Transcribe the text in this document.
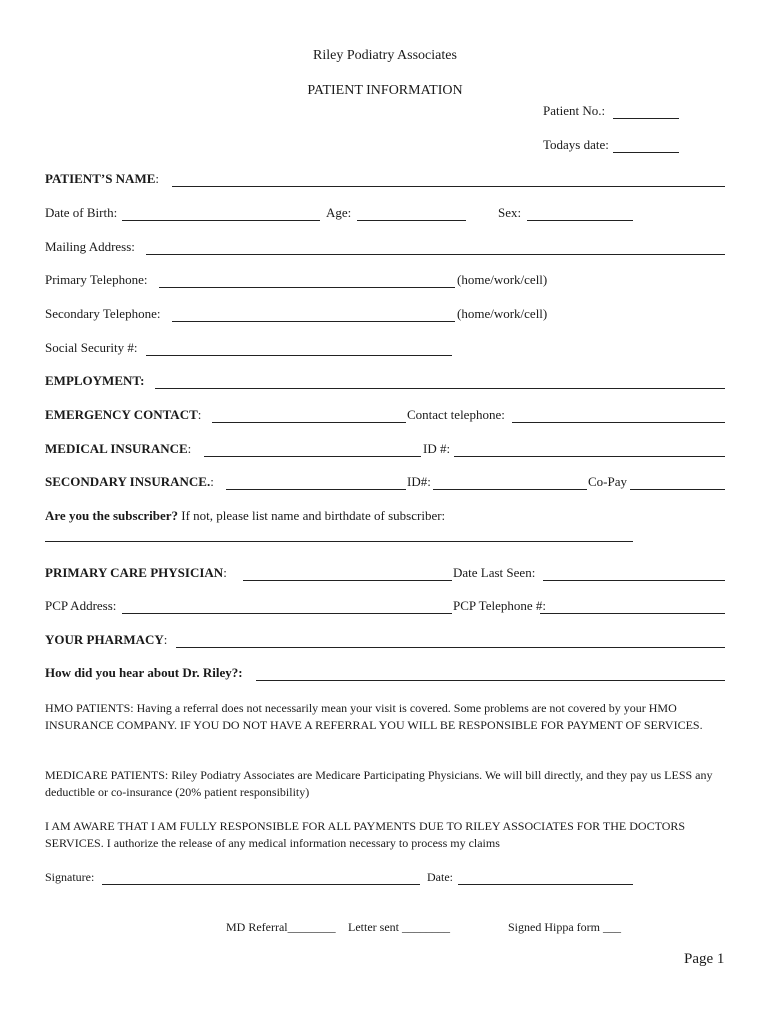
Riley Podiatry Associates
PATIENT INFORMATION
Patient No.:
Todays date:
PATIENT’S NAME:
Date of Birth:	Age:	Sex:
Mailing Address:
Primary Telephone:	(home/work/cell)
Secondary Telephone:	(home/work/cell)
Social Security #:
EMPLOYMENT:
EMERGENCY CONTACT:	Contact telephone:
MEDICAL INSURANCE:	ID #:
SECONDARY INSURANCE.:	ID#:	Co-Pay
Are you the subscriber? If not, please list name and birthdate of subscriber:
PRIMARY CARE PHYSICIAN:	Date Last Seen:
PCP Address:	PCP Telephone #:
YOUR PHARMACY:
How did you hear about Dr. Riley?:
HMO PATIENTS: Having a referral does not necessarily mean your visit is covered. Some problems are not covered by your HMO INSURANCE COMPANY. IF YOU DO NOT HAVE A REFERRAL YOU WILL BE RESPONSIBLE FOR PAYMENT OF SERVICES.
MEDICARE PATIENTS: Riley Podiatry Associates are Medicare Participating Physicians. We will bill directly, and they pay us LESS any deductible or co-insurance (20% patient responsibility)
I AM AWARE THAT I AM FULLY RESPONSIBLE FOR ALL PAYMENTS DUE TO RILEY ASSOCIATES FOR THE DOCTORS SERVICES. I authorize the release of any medical information necessary to process my claims
Signature:	Date:
MD Referral________ Letter sent ________	Signed Hippa form ___
Page 1
